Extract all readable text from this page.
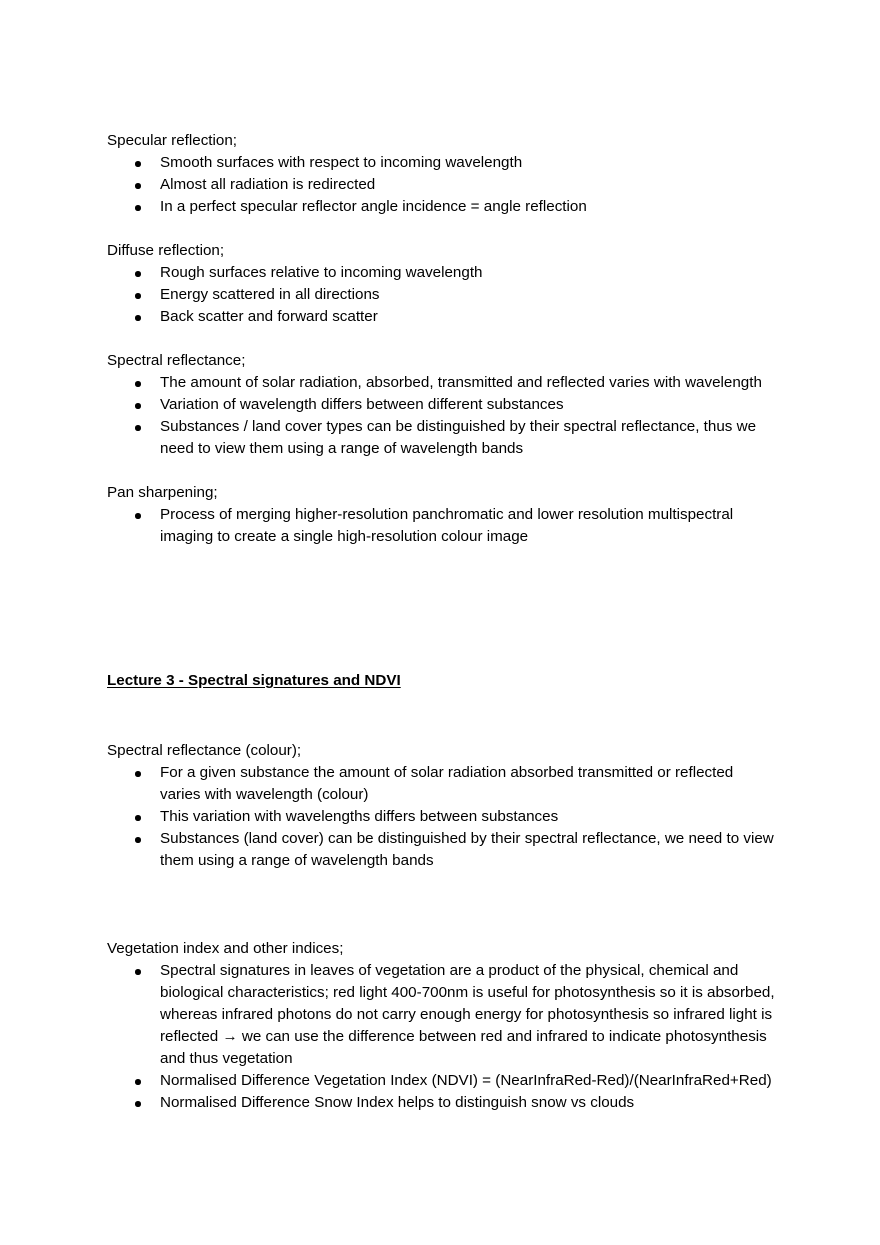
Specular reflection;

Smooth surfaces with respect to incoming wavelength
Almost all radiation is redirected
In a perfect specular reflector angle incidence = angle reflection

Diffuse reflection;

Rough surfaces relative to incoming wavelength
Energy scattered in all directions
Back scatter and forward scatter

Spectral reflectance;

The amount of solar radiation, absorbed, transmitted and reflected varies with wavelength
Variation of wavelength differs between different substances
Substances / land cover types can be distinguished by their spectral reflectance, thus we need to view them using a range of wavelength bands

Pan sharpening;

Process of merging higher-resolution panchromatic and lower resolution multispectral imaging to create a single high-resolution colour image
Lecture 3 - Spectral signatures and NDVI

Spectral reflectance (colour);

For a given substance the amount of solar radiation absorbed transmitted or reflected varies with wavelength (colour)
This variation with wavelengths differs between substances
Substances (land cover) can be distinguished by their spectral reflectance, we need to view them using a range of wavelength bands

Vegetation index and other indices;

Spectral signatures in leaves of vegetation are a product of the physical, chemical and biological characteristics; red light 400-700nm is useful for photosynthesis so it is absorbed, whereas infrared photons do not carry enough energy for photosynthesis so infrared light is reflected → we can use the difference between red and infrared to indicate photosynthesis and thus vegetation
Normalised Difference Vegetation Index (NDVI) = (NearInfraRed-Red)/(NearInfraRed+Red)
Normalised Difference Snow Index helps to distinguish snow vs clouds
